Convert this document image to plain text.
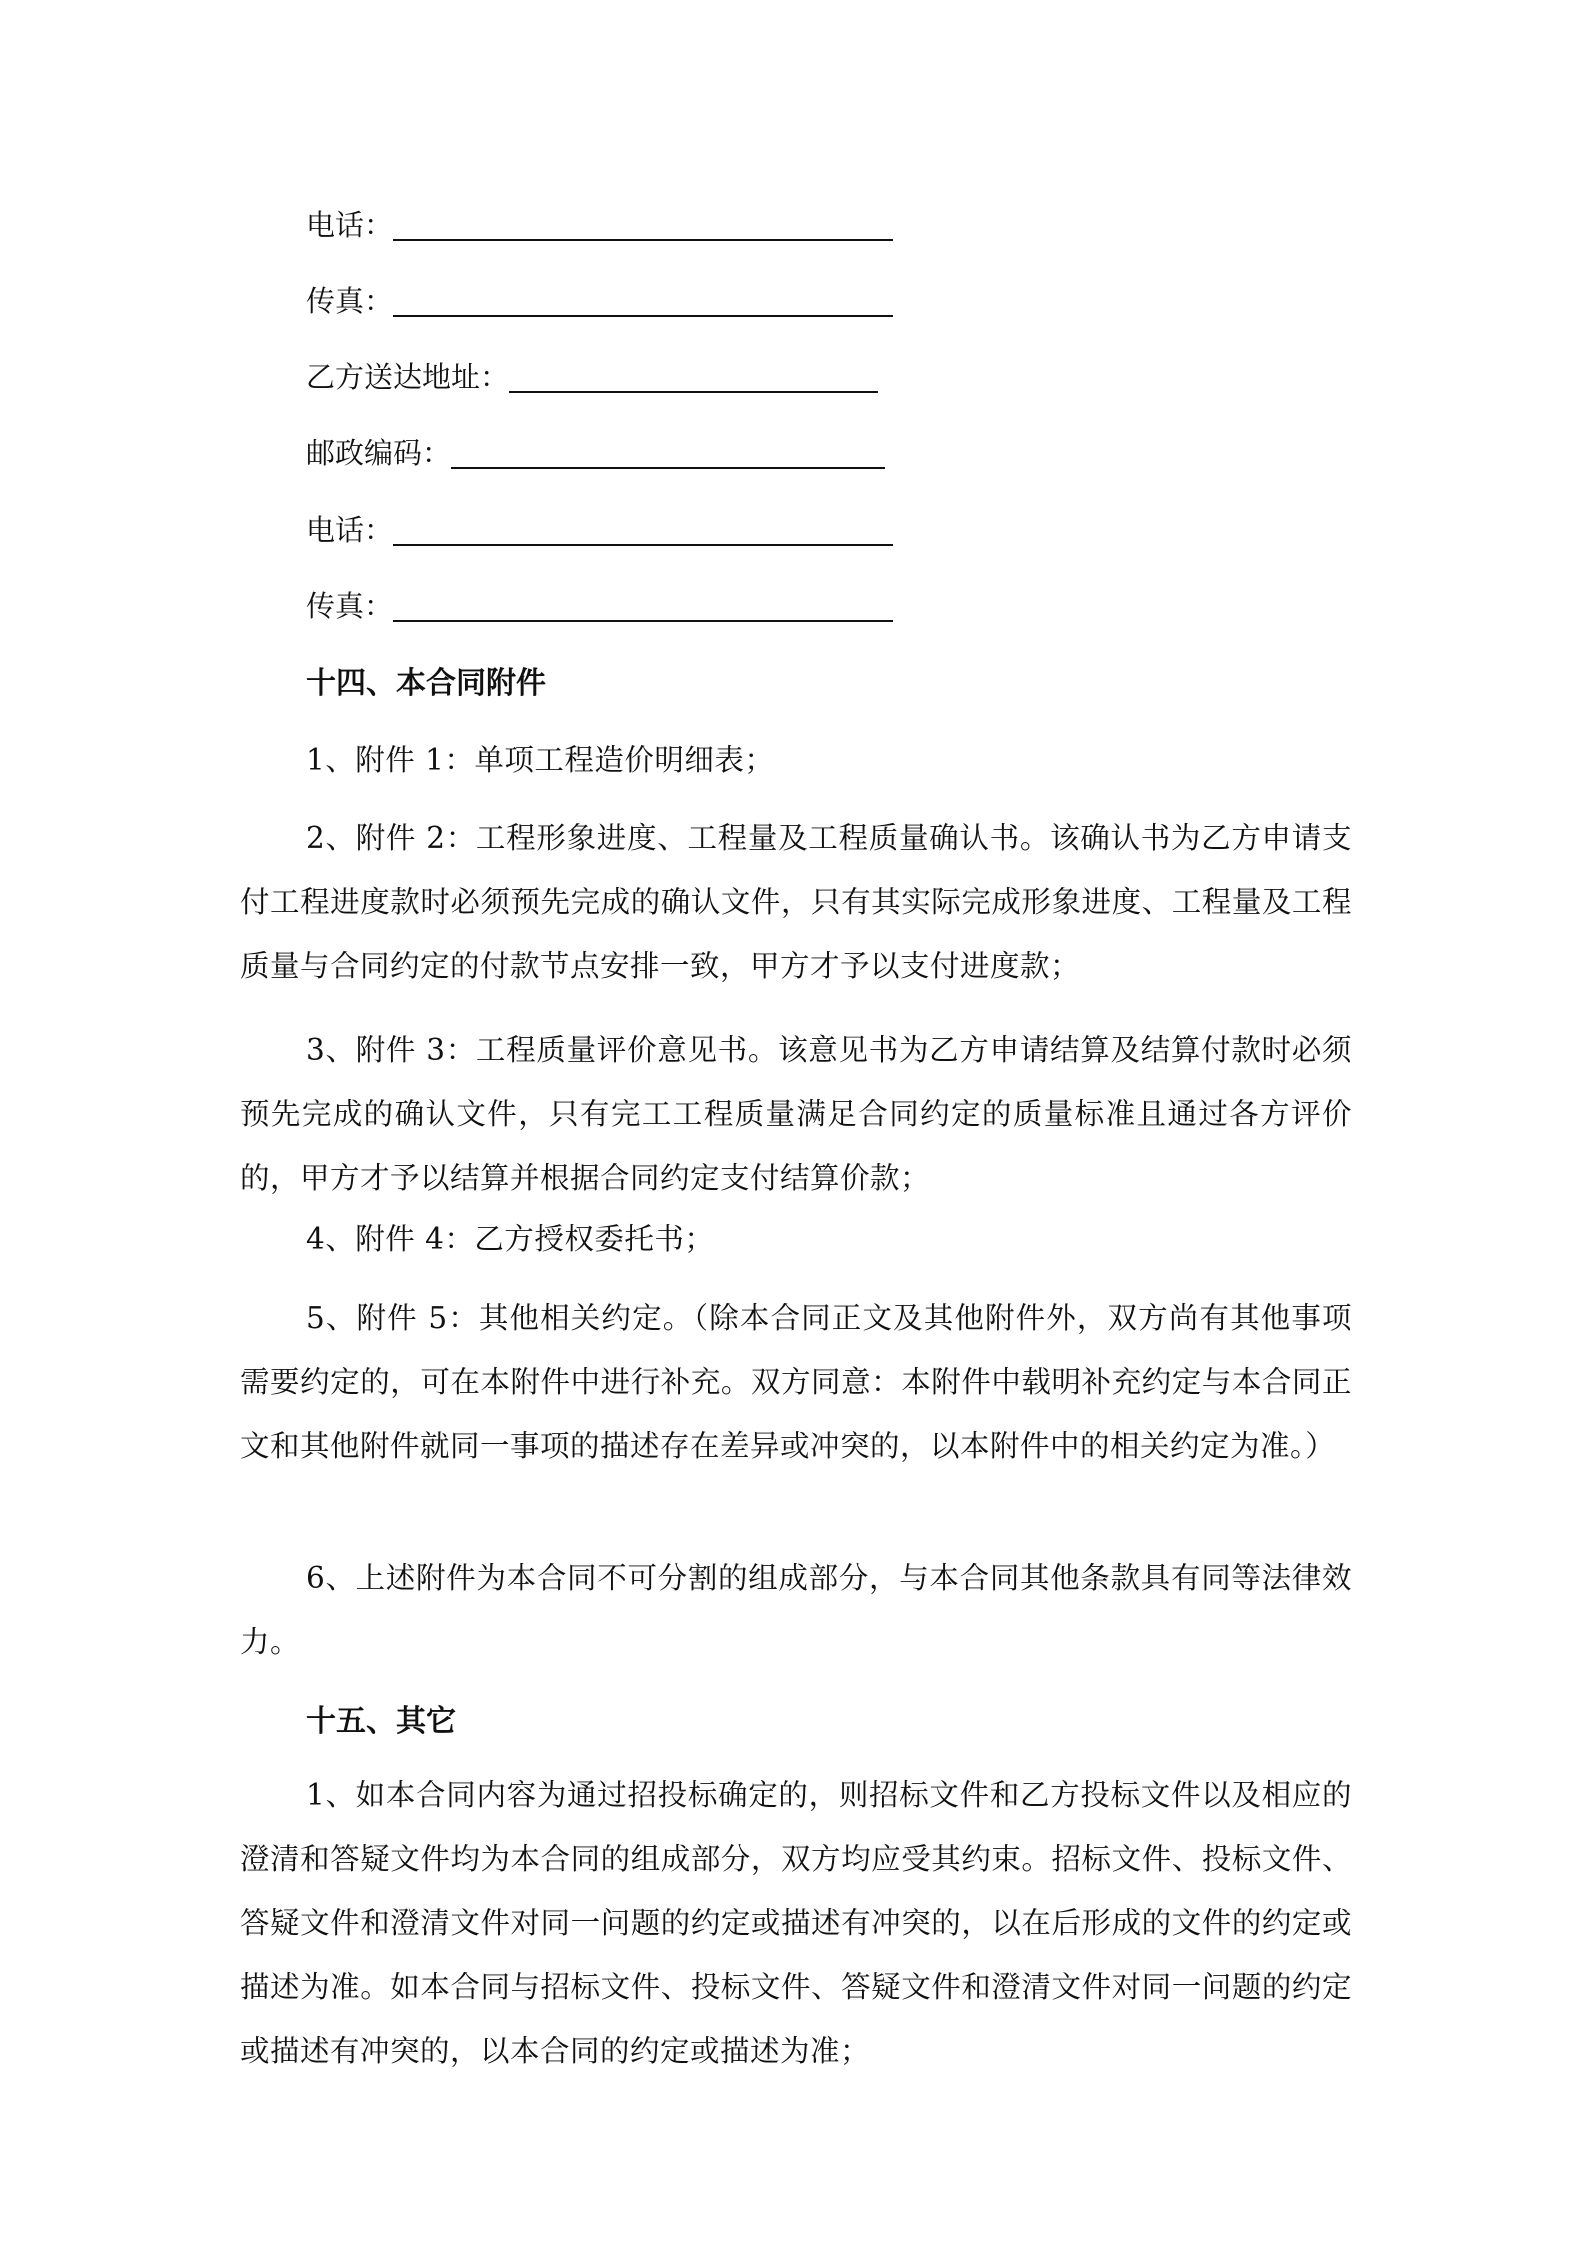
电话：
传真：
乙方送达地址：
邮政编码：
电话：
传真：
十四、本合同附件
1、附件 1：单项工程造价明细表；
2、附件 2：工程形象进度、工程量及工程质量确认书。该确认书为乙方申请支付工程进度款时必须预先完成的确认文件，只有其实际完成形象进度、工程量及工程质量与合同约定的付款节点安排一致，甲方才予以支付进度款；
3、附件 3：工程质量评价意见书。该意见书为乙方申请结算及结算付款时必须预先完成的确认文件，只有完工工程质量满足合同约定的质量标准且通过各方评价的，甲方才予以结算并根据合同约定支付结算价款；
4、附件 4：乙方授权委托书；
5、附件 5：其他相关约定。（除本合同正文及其他附件外，双方尚有其他事项需要约定的，可在本附件中进行补充。双方同意：本附件中载明补充约定与本合同正文和其他附件就同一事项的描述存在差异或冲突的，以本附件中的相关约定为准。）
6、上述附件为本合同不可分割的组成部分，与本合同其他条款具有同等法律效力。
十五、其它
1、如本合同内容为通过招投标确定的，则招标文件和乙方投标文件以及相应的澄清和答疑文件均为本合同的组成部分，双方均应受其约束。招标文件、投标文件、答疑文件和澄清文件对同一问题的约定或描述有冲突的，以在后形成的文件的约定或描述为准。如本合同与招标文件、投标文件、答疑文件和澄清文件对同一问题的约定或描述有冲突的，以本合同的约定或描述为准；
